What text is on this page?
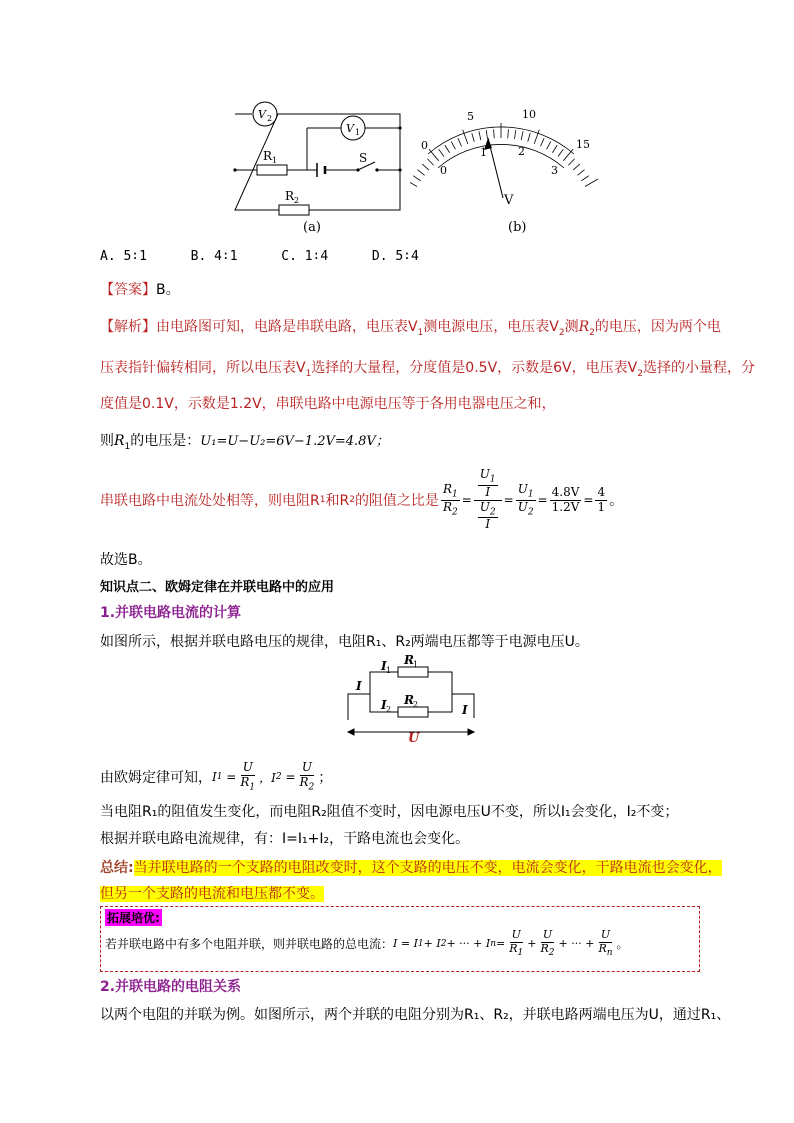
V 2
V 1
R 1
R 2
S
(a)
0
5	10
15
0
1	2
3
V
(b)
A. 5∶1	B. 4∶1	C. 1∶4	D. 5∶4
【答案】B。
【解析】由电路图可知，电路是串联电路，电压表$V_1$测电源电压，电压表$V_2$测$R_2$的电压，因为两个电
压表指针偏转相同，所以电压表$V_1$选择的大量程，分度值是0.5V，示数是6V，电压表$V_2$选择的小量程，分
度值是0.1V，示数是1.2V，串联电路中电源电压等于各用电器电压之和，
则$R_1$的电压是：U₁=U−U₂=6V−1.2V=4.8V；
串联电路中电流处处相等，则电阻R 1 和R 2 的阻值之比是 $\frac{R_1}{R_2} = \frac{\frac{U_1}{I}}{\frac{U_2}{I}} = \frac{U_1}{U_2} = \frac{4.8V}{1.2V} = \frac{4}{1}$ 。
故选B。
知识点二、欧姆定律在并联电路中的应用
1.并联电路电流的计算
如图所示，根据并联电路电压的规律，电阻R₁、R₂两端电压都等于电源电压U。
I
I 1
R 1
I 2
R 2	I
U
由欧姆定律可知， I $1 = \frac{U}{R_1}$ ，I $2 = \frac{U}{R_2}$ ；
当电阻R₁的阻值发生变化，而电阻R₂阻值不变时，因电源电压U不变，所以I₁会变化，I₂不变；
根据并联电路电流规律，有：I=I₁+I₂，干路电流也会变化。
总结:当并联电路的一个支路的电阻改变时，这个支路的电压不变，电流会变化，干路电流也会变化，
但另一个支路的电流和电压都不变。
拓展培优:
若并联电路中有多个电阻并联，则并联电路的总电流： I = I 1 + I 2 + ··· + I $n = \frac{U}{R_1} + \frac{U}{R_2}$ + ··· + $\frac{U}{R_n}$ 。
2.并联电路的电阻关系
以两个电阻的并联为例。如图所示，两个并联的电阻分别为R₁、R₂，并联电路两端电压为U，通过R₁、
